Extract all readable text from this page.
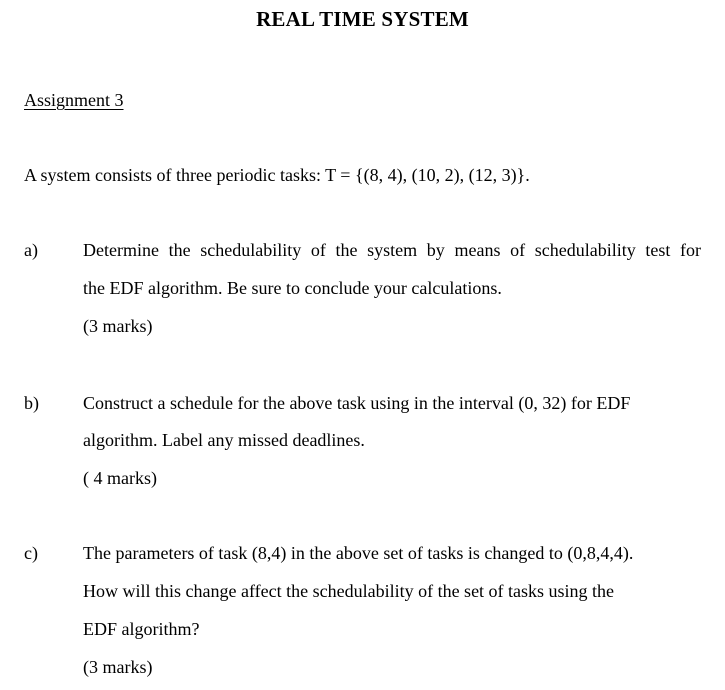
REAL TIME SYSTEM
Assignment 3
A system consists of three periodic tasks: T = {(8, 4), (10, 2), (12, 3)}.
a)	Determine the schedulability of the system by means of schedulability test for
the EDF algorithm. Be sure to conclude your calculations.
(3 marks)
b) Construct a schedule for the above task using in the interval (0, 32) for EDF
algorithm. Label any missed deadlines.
( 4 marks)
c)	The parameters of task (8,4) in the above set of tasks is changed to (0,8,4,4).
How will this change affect the schedulability of the set of tasks using the
EDF algorithm?
(3 marks)
